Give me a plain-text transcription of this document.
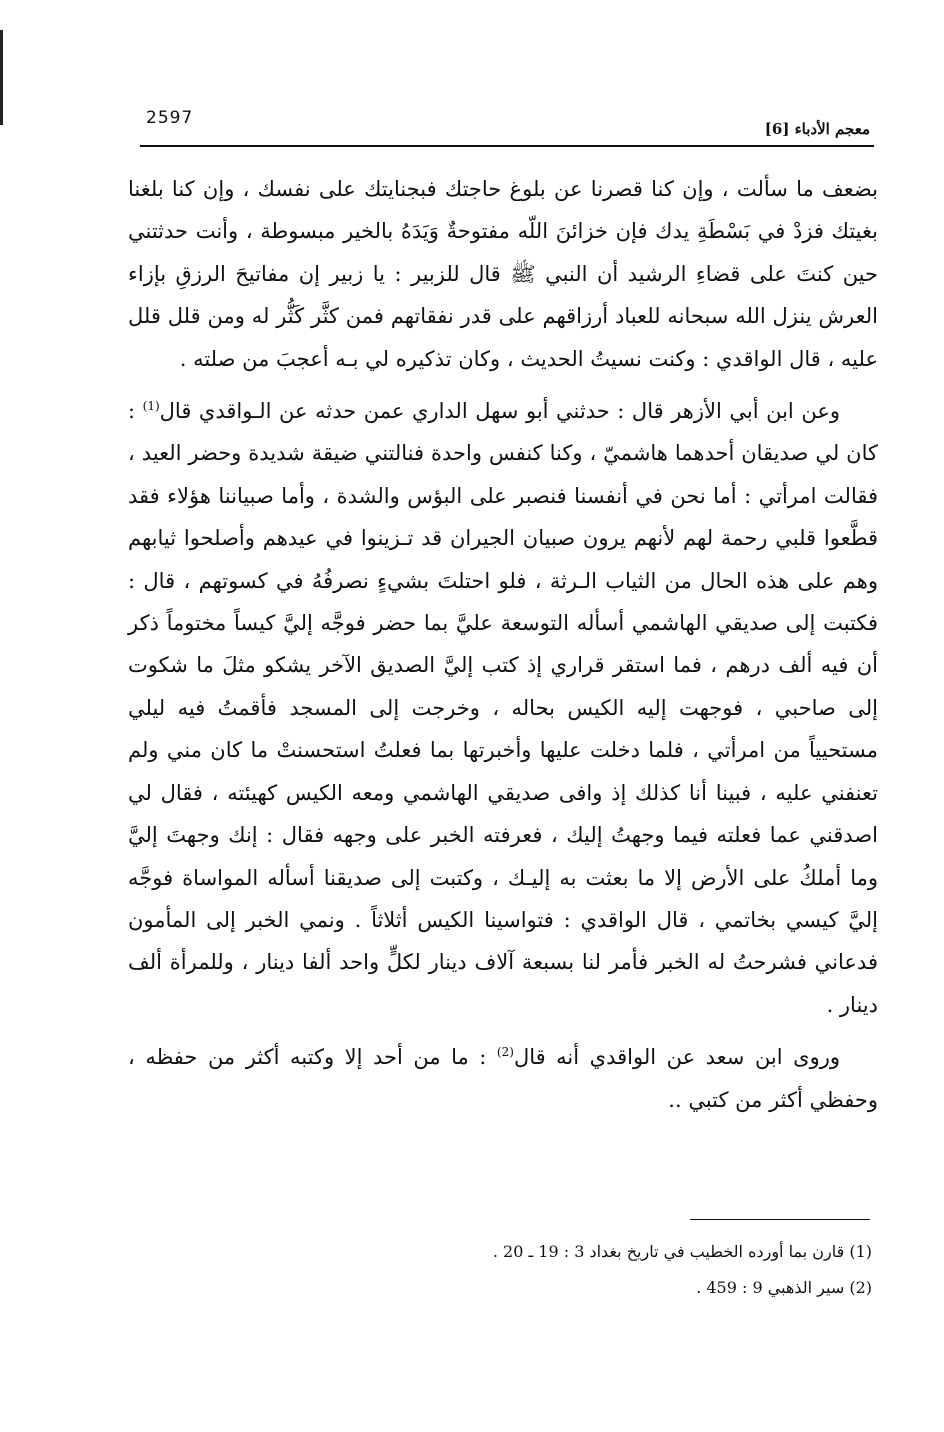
2597
معجم الأدباء [6]

بضعف ما سألت ، وإن كنا قصرنا عن بلوغ حاجتك فبجنايتك على نفسك ، وإن كنا بلغنا بغيتك فزدْ في بَسْطَةِ يدك فإن خزائنَ اللّه مفتوحةٌ وَيَدَهُ بالخير مبسوطة ، وأنت حدثتني حين كنتَ على قضاءِ الرشيد أن النبي ﷺ قال للزبير : يا زبير إن مفاتيحَ الرزقِ بإزاء العرش ينزل الله سبحانه للعباد أرزاقهم على قدر نفقاتهم فمن كثَّر كَثُّر له ومن قلل قلل عليه ، قال الواقدي : وكنت نسيتُ الحديث ، وكان تذكيره لي بـه أعجبَ من صلته .

وعن ابن أبي الأزهر قال : حدثني أبو سهل الداري عمن حدثه عن الـواقدي قال$^{(1)}$ : كان لي صديقان أحدهما هاشميّ ، وكنا كنفس واحدة فنالتني ضيقة شديدة وحضر العيد ، فقالت امرأتي : أما نحن في أنفسنا فنصبر على البؤس والشدة ، وأما صبياننا هؤلاء فقد قطَّعوا قلبي رحمة لهم لأنهم يرون صبيان الجيران قد تـزينوا في عيدهم وأصلحوا ثيابهم وهم على هذه الحال من الثياب الـرثة ، فلو احتلتَ بشيءٍ نصرفُهُ في كسوتهم ، قال : فكتبت إلى صديقي الهاشمي أسأله التوسعة عليَّ بما حضر فوجَّه إليَّ كيساً مختوماً ذكر أن فيه ألف درهم ، فما استقر قراري إذ كتب إليَّ الصديق الآخر يشكو مثلَ ما شكوت إلى صاحبي ، فوجهت إليه الكيس بحاله ، وخرجت إلى المسجد فأقمتُ فيه ليلي مستحيياً من امرأتي ، فلما دخلت عليها وأخبرتها بما فعلتُ استحسنتْ ما كان مني ولم تعنفني عليه ، فبينا أنا كذلك إذ وافى صديقي الهاشمي ومعه الكيس كهيئته ، فقال لي اصدقني عما فعلته فيما وجهتُ إليك ، فعرفته الخبر على وجهه فقال : إنك وجهتَ إليَّ وما أملكُ على الأرض إلا ما بعثت به إليـك ، وكتبت إلى صديقنا أسأله المواساة فوجَّه إليَّ كيسي بخاتمي ، قال الواقدي : فتواسينا الكيس أثلاثاً . ونمي الخبر إلى المأمون فدعاني فشرحتُ له الخبر فأمر لنا بسبعة آلاف دينار لكلٍّ واحد ألفا دينار ، وللمرأة ألف دينار .

وروى ابن سعد عن الواقدي أنه قال$^{(2)}$ : ما من أحد إلا وكتبه أكثر من حفظه ، وحفظي أكثر من كتبي ..

(1) قارن بما أورده الخطيب في تاريخ بغداد 3 : 19 ـ 20 .

(2) سير الذهبي 9 : 459 .
